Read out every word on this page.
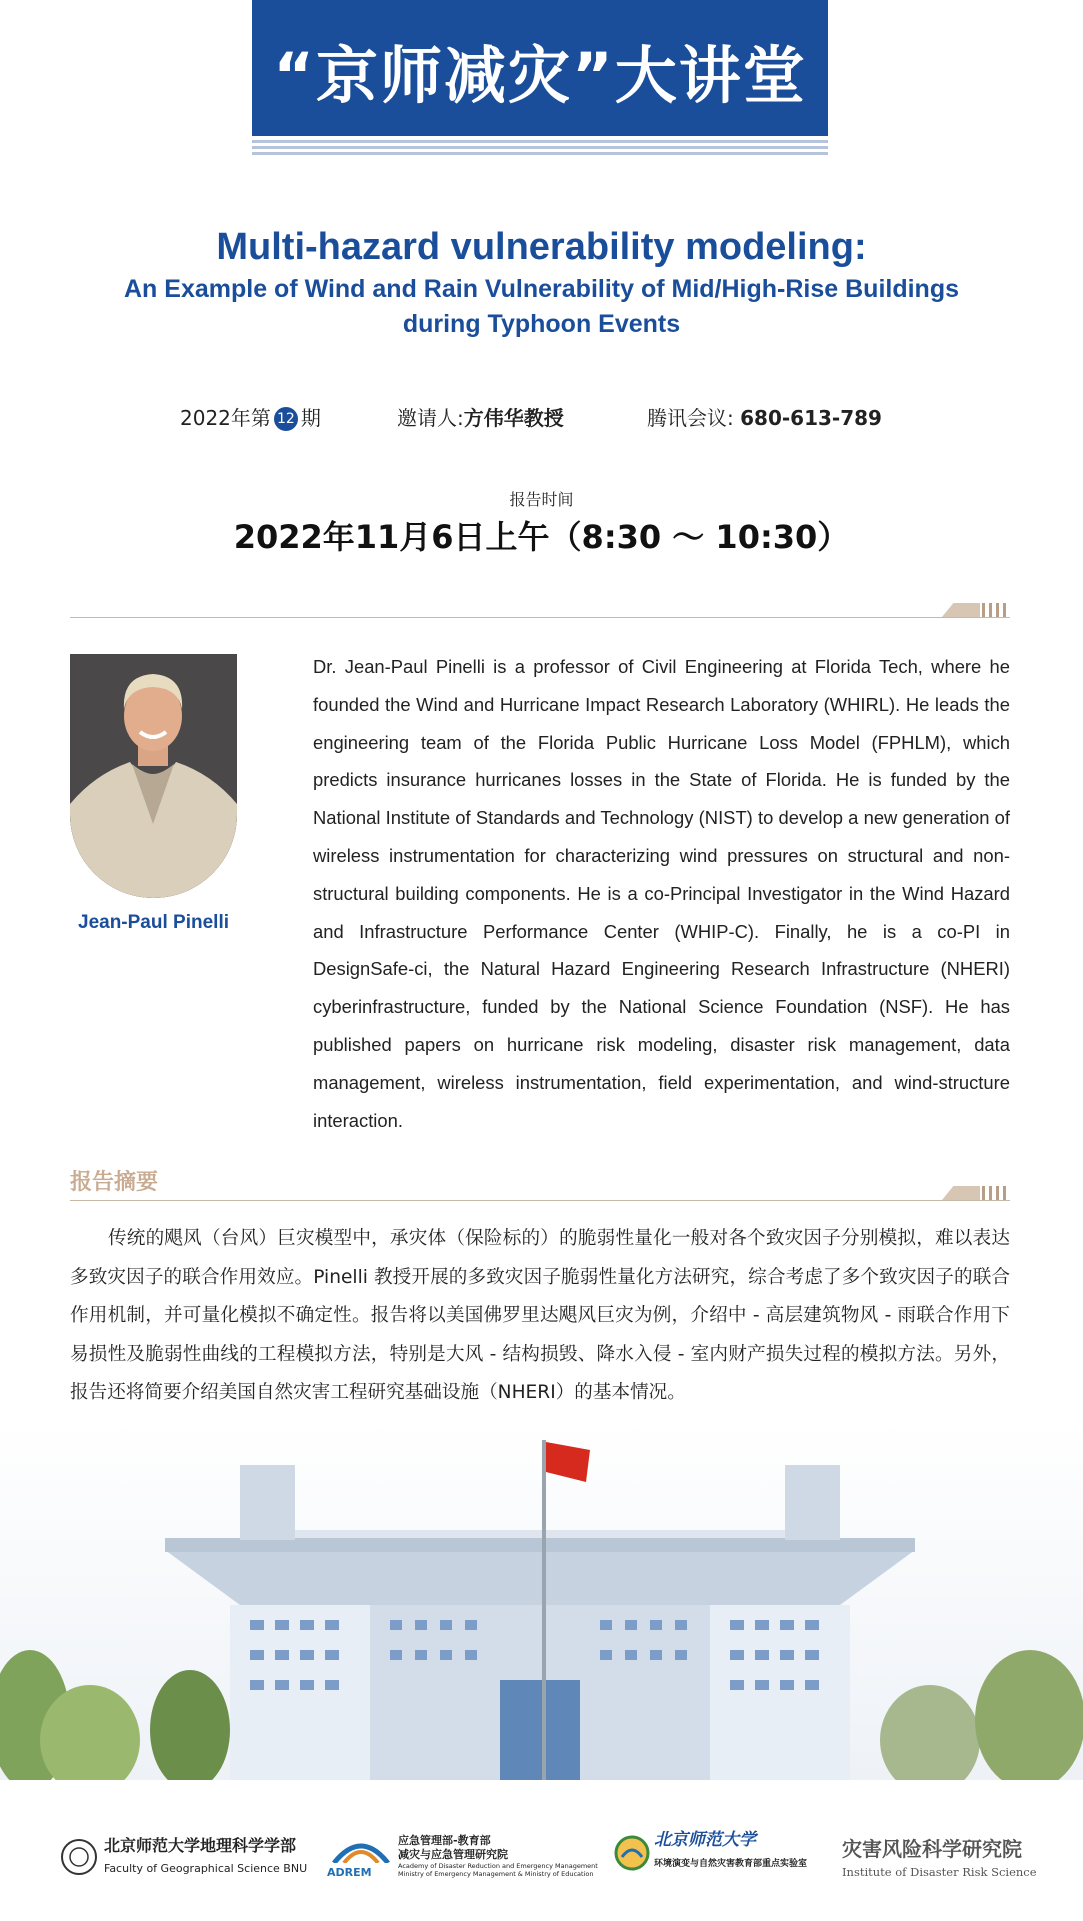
“京师减灾”大讲堂
Multi-hazard vulnerability modeling:
An Example of Wind and Rain Vulnerability of Mid/High-Rise Buildings
during Typhoon Events
2022年第 12 期	邀请人:方伟华教授	腾讯会议: 680-613-789
报告时间
2022年11月6日上午（8:30 ～ 10:30）
Jean-Paul Pinelli
Dr. Jean-Paul Pinelli is a professor of Civil Engineering at Florida Tech, where he founded the Wind and Hurricane Impact Research Laboratory (WHIRL). He leads the engineering team of the Florida Public Hurricane Loss Model (FPHLM), which predicts insurance hurricanes losses in the State of Florida. He is funded by the National Institute of Standards and Technology (NIST) to develop a new generation of wireless instrumentation for characterizing wind pressures on structural and non-structural building components. He is a co-Principal Investigator in the Wind Hazard and Infrastructure Performance Center (WHIP-C). Finally, he is a co-PI in DesignSafe-ci, the Natural Hazard Engineering Research Infrastructure (NHERI) cyberinfrastructure, funded by the National Science Foundation (NSF). He has published papers on hurricane risk modeling, disaster risk management, data management, wireless instrumentation, field experimentation, and wind-structure interaction.
报告摘要
传统的飓风（台风）巨灾模型中，承灾体（保险标的）的脆弱性量化一般对各个致灾因子分别模拟，难以表达多致灾因子的联合作用效应。Pinelli 教授开展的多致灾因子脆弱性量化方法研究，综合考虑了多个致灾因子的联合作用机制，并可量化模拟不确定性。报告将以美国佛罗里达飓风巨灾为例，介绍中 - 高层建筑物风 - 雨联合作用下易损性及脆弱性曲线的工程模拟方法，特别是大风 - 结构损毁、降水入侵 - 室内财产损失过程的模拟方法。另外，报告还将简要介绍美国自然灾害工程研究基础设施（NHERI）的基本情况。
北京师范大学地理科学学部
Faculty of Geographical Science BNU ADREM
应急管理部-教育部
减灾与应急管理研究院
Academy of Disaster Reduction and Emergency Management
Ministry of Emergency Management & Ministry of Education
北京师范大学
环境演变与自然灾害教育部重点实验室
灾害风险科学研究院
Institute of Disaster Risk Science
